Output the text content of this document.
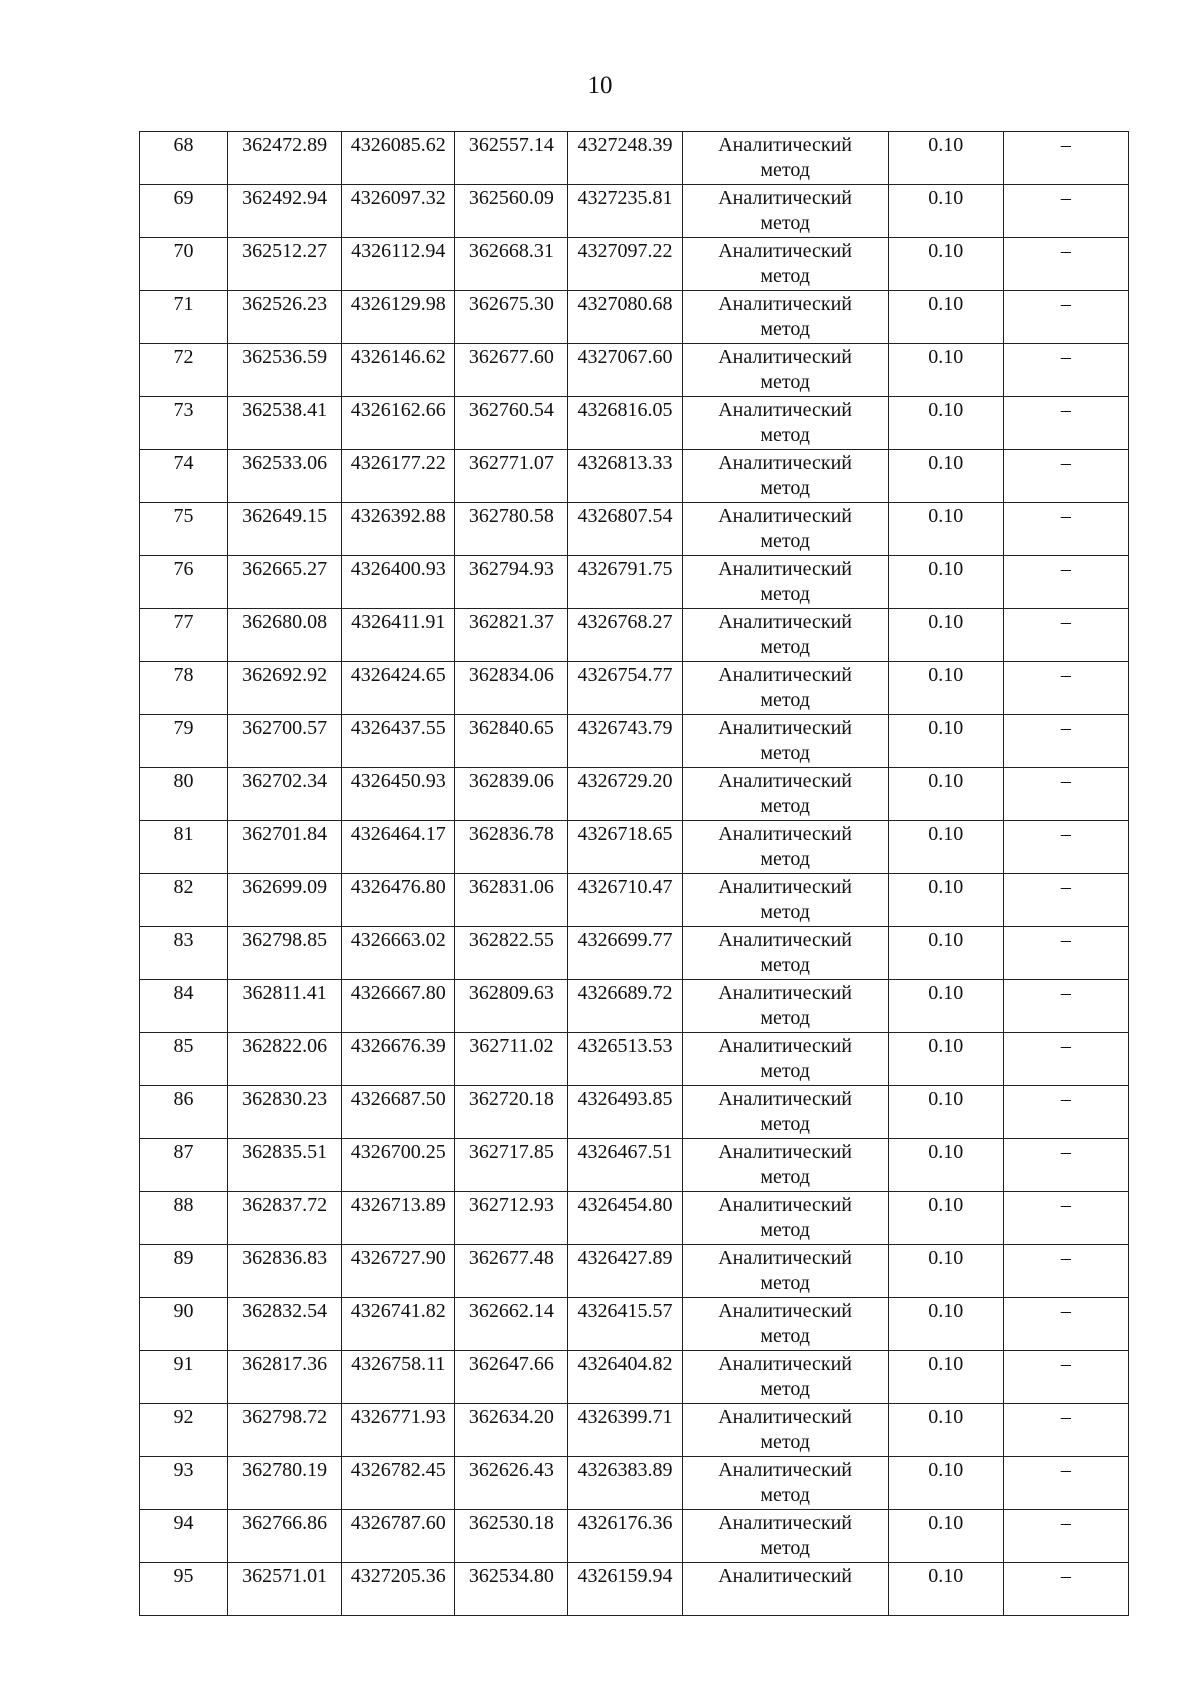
10
68	362472.89	4326085.62	362557.14	4327248.39	Аналитический
метод	0.10	–
69	362492.94	4326097.32	362560.09	4327235.81	Аналитический
метод	0.10	–
70	362512.27	4326112.94	362668.31	4327097.22	Аналитический
метод	0.10	–
71	362526.23	4326129.98	362675.30	4327080.68	Аналитический
метод	0.10	–
72	362536.59	4326146.62	362677.60	4327067.60	Аналитический
метод	0.10	–
73	362538.41	4326162.66	362760.54	4326816.05	Аналитический
метод	0.10	–
74	362533.06	4326177.22	362771.07	4326813.33	Аналитический
метод	0.10	–
75	362649.15	4326392.88	362780.58	4326807.54	Аналитический
метод	0.10	–
76	362665.27	4326400.93	362794.93	4326791.75	Аналитический
метод	0.10	–
77	362680.08	4326411.91	362821.37	4326768.27	Аналитический
метод	0.10	–
78	362692.92	4326424.65	362834.06	4326754.77	Аналитический
метод	0.10	–
79	362700.57	4326437.55	362840.65	4326743.79	Аналитический
метод	0.10	–
80	362702.34	4326450.93	362839.06	4326729.20	Аналитический
метод	0.10	–
81	362701.84	4326464.17	362836.78	4326718.65	Аналитический
метод	0.10	–
82	362699.09	4326476.80	362831.06	4326710.47	Аналитический
метод	0.10	–
83	362798.85	4326663.02	362822.55	4326699.77	Аналитический
метод	0.10	–
84	362811.41	4326667.80	362809.63	4326689.72	Аналитический
метод	0.10	–
85	362822.06	4326676.39	362711.02	4326513.53	Аналитический
метод	0.10	–
86	362830.23	4326687.50	362720.18	4326493.85	Аналитический
метод	0.10	–
87	362835.51	4326700.25	362717.85	4326467.51	Аналитический
метод	0.10	–
88	362837.72	4326713.89	362712.93	4326454.80	Аналитический
метод	0.10	–
89	362836.83	4326727.90	362677.48	4326427.89	Аналитический
метод	0.10	–
90	362832.54	4326741.82	362662.14	4326415.57	Аналитический
метод	0.10	–
91	362817.36	4326758.11	362647.66	4326404.82	Аналитический
метод	0.10	–
92	362798.72	4326771.93	362634.20	4326399.71	Аналитический
метод	0.10	–
93	362780.19	4326782.45	362626.43	4326383.89	Аналитический
метод	0.10	–
94	362766.86	4326787.60	362530.18	4326176.36	Аналитический
метод	0.10	–
95	362571.01	4327205.36	362534.80	4326159.94	Аналитический	0.10	–
